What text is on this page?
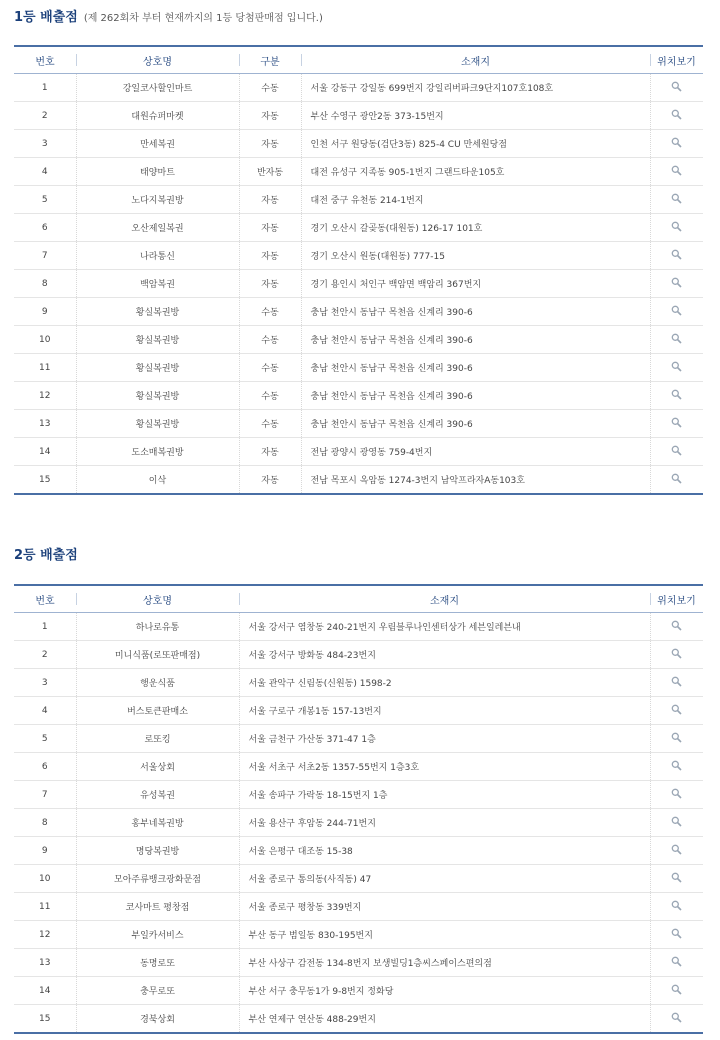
1등 배출점 (제 262회차 부터 현재까지의 1등 당첨판매점 입니다.)
번호	상호명	구분	소재지	위치보기
1	강일코사할인마트	수동	서울 강동구 강일동 699번지 강일리버파크9단지107호108호	
2	대원슈퍼마켓	자동	부산 수영구 광안2동 373-15번지	
3	만세복권	자동	인천 서구 원당동(검단3동) 825-4 CU 만세원당점	
4	태양마트	반자동	대전 유성구 지족동 905-1번지 그랜드타운105호	
5	노다지복권방	자동	대전 중구 유천동 214-1번지	
6	오산제일복권	자동	경기 오산시 갈곶동(대원동) 126-17 101호	
7	나라통신	자동	경기 오산시 원동(대원동) 777-15	
8	백암복권	자동	경기 용인시 처인구 백암면 백암리 367번지	
9	황실복권방	수동	충남 천안시 동남구 목천읍 신계리 390-6	
10	황실복권방	수동	충남 천안시 동남구 목천읍 신계리 390-6	
11	황실복권방	수동	충남 천안시 동남구 목천읍 신계리 390-6	
12	황실복권방	수동	충남 천안시 동남구 목천읍 신계리 390-6	
13	황실복권방	수동	충남 천안시 동남구 목천읍 신계리 390-6	
14	도소매복권방	자동	전남 광양시 광영동 759-4번지	
15	이삭	자동	전남 목포시 옥암동 1274-3번지 남악프라자A동103호	
2등 배출점
번호	상호명	소재지	위치보기
1	하나로유통	서울 강서구 염창동 240-21번지 우림블루나인센터상가 세븐일레븐내	
2	미니식품(로또판매점)	서울 강서구 방화동 484-23번지	
3	행운식품	서울 관악구 신림동(신원동) 1598-2	
4	버스토큰판매소	서울 구로구 개봉1동 157-13번지	
5	로또킹	서울 금천구 가산동 371-47 1층	
6	서울상회	서울 서초구 서초2동 1357-55번지 1층3호	
7	유성복권	서울 송파구 가락동 18-15번지 1층	
8	홍부네복권방	서울 용산구 후암동 244-71번지	
9	명당복권방	서울 은평구 대조동 15-38	
10	모아주류뱅크광화문점	서울 종로구 통의동(사직동) 47	
11	코사마트 평창점	서울 종로구 평창동 339번지	
12	부일카서비스	부산 동구 범일동 830-195번지	
13	동명로또	부산 사상구 감전동 134-8번지 보생빌딩1층씨스페이스편의점	
14	충무로또	부산 서구 충무동1가 9-8번지 정화당	
15	경북상회	부산 연제구 연산동 488-29번지	
